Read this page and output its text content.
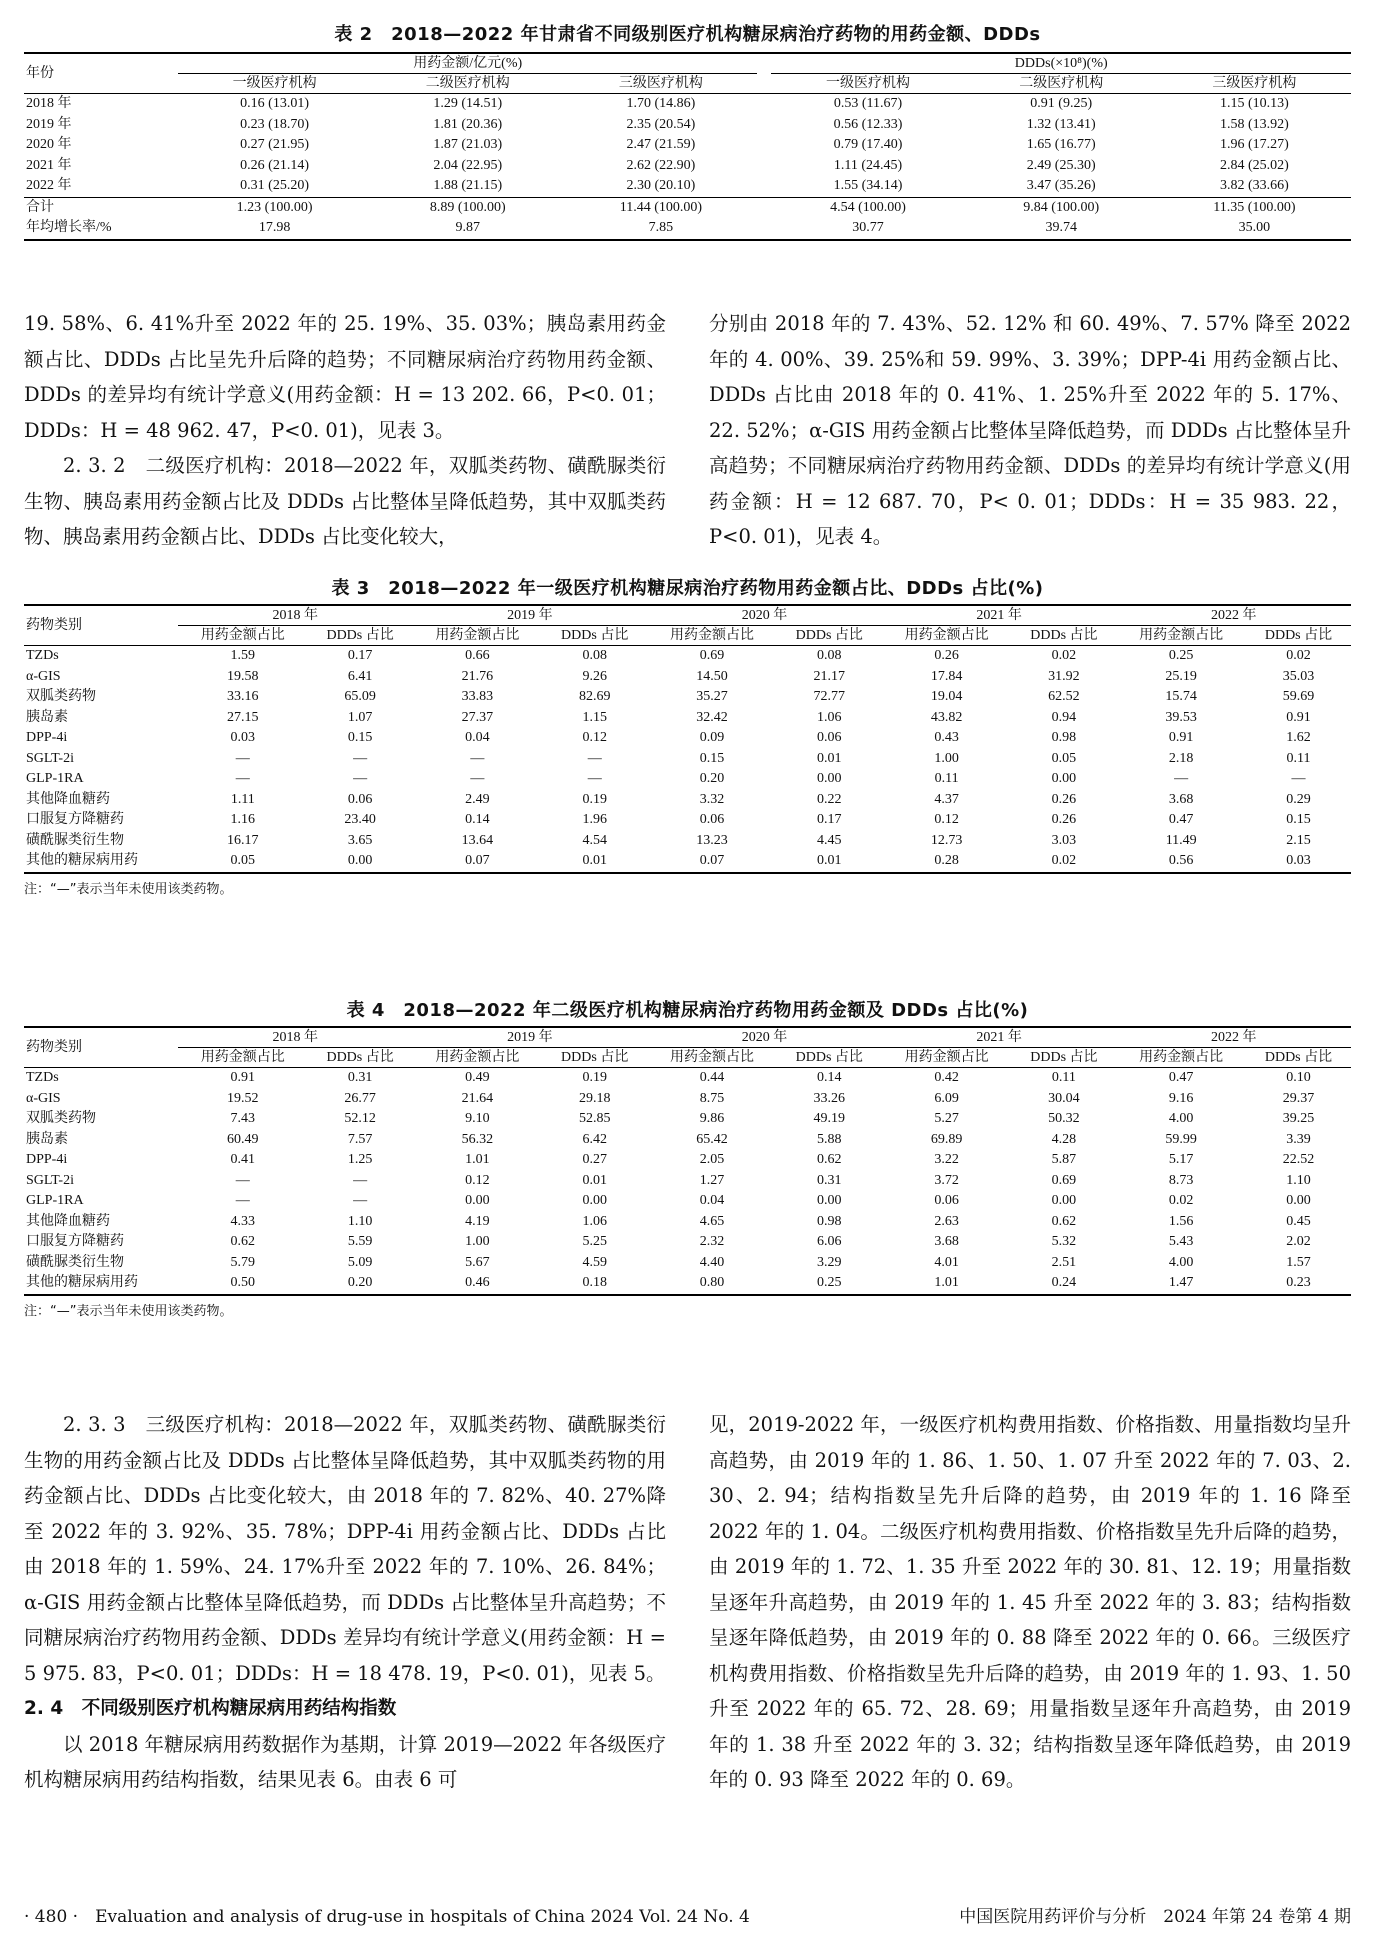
表 2　2018—2022 年甘肃省不同级别医疗机构糖尿病治疗药物的用药金额、DDDs
年份	用药金额/亿元(%)				DDDs(×10⁸)(%)		
	一级医疗机构	二级医疗机构	三级医疗机构		一级医疗机构	二级医疗机构	三级医疗机构
2018 年	0.16 (13.01)	1.29 (14.51)	1.70 (14.86)		0.53 (11.67)	0.91 (9.25)	1.15 (10.13)
2019 年	0.23 (18.70)	1.81 (20.36)	2.35 (20.54)		0.56 (12.33)	1.32 (13.41)	1.58 (13.92)
2020 年	0.27 (21.95)	1.87 (21.03)	2.47 (21.59)		0.79 (17.40)	1.65 (16.77)	1.96 (17.27)
2021 年	0.26 (21.14)	2.04 (22.95)	2.62 (22.90)		1.11 (24.45)	2.49 (25.30)	2.84 (25.02)
2022 年	0.31 (25.20)	1.88 (21.15)	2.30 (20.10)		1.55 (34.14)	3.47 (35.26)	3.82 (33.66)
合计	1.23 (100.00)	8.89 (100.00)	11.44 (100.00)		4.54 (100.00)	9.84 (100.00)	11.35 (100.00)
年均增长率/%	17.98	9.87	7.85		30.77	39.74	35.00

19. 58%、6. 41%升至 2022 年的 25. 19%、35. 03%；胰岛素用药金额占比、DDDs 占比呈先升后降的趋势；不同糖尿病治疗药物用药金额、DDDs 的差异均有统计学意义(用药金额：H = 13 202. 66，P<0. 01；DDDs：H = 48 962. 47，P<0. 01)，见表 3。

2. 3. 2　二级医疗机构：2018—2022 年，双胍类药物、磺酰脲类衍生物、胰岛素用药金额占比及 DDDs 占比整体呈降低趋势，其中双胍类药物、胰岛素用药金额占比、DDDs 占比变化较大，

分别由 2018 年的 7. 43%、52. 12% 和 60. 49%、7. 57% 降至 2022 年的 4. 00%、39. 25%和 59. 99%、3. 39%；DPP-4i 用药金额占比、DDDs 占比由 2018 年的 0. 41%、1. 25%升至 2022 年的 5. 17%、22. 52%；α-GIS 用药金额占比整体呈降低趋势，而 DDDs 占比整体呈升高趋势；不同糖尿病治疗药物用药金额、DDDs 的差异均有统计学意义(用药金额：H = 12 687. 70，P< 0. 01；DDDs：H = 35 983. 22，P<0. 01)，见表 4。

表 3　2018—2022 年一级医疗机构糖尿病治疗药物用药金额占比、DDDs 占比(%)
药物类别	2018 年		2019 年		2020 年		2021 年		2022 年	
	用药金额占比	DDDs 占比	用药金额占比	DDDs 占比	用药金额占比	DDDs 占比	用药金额占比	DDDs 占比	用药金额占比	DDDs 占比
TZDs	1.59	0.17	0.66	0.08	0.69	0.08	0.26	0.02	0.25	0.02
α-GIS	19.58	6.41	21.76	9.26	14.50	21.17	17.84	31.92	25.19	35.03
双胍类药物	33.16	65.09	33.83	82.69	35.27	72.77	19.04	62.52	15.74	59.69
胰岛素	27.15	1.07	27.37	1.15	32.42	1.06	43.82	0.94	39.53	0.91
DPP-4i	0.03	0.15	0.04	0.12	0.09	0.06	0.43	0.98	0.91	1.62
SGLT-2i	—	—	—	—	0.15	0.01	1.00	0.05	2.18	0.11
GLP-1RA	—	—	—	—	0.20	0.00	0.11	0.00	—	—
其他降血糖药	1.11	0.06	2.49	0.19	3.32	0.22	4.37	0.26	3.68	0.29
口服复方降糖药	1.16	23.40	0.14	1.96	0.06	0.17	0.12	0.26	0.47	0.15
磺酰脲类衍生物	16.17	3.65	13.64	4.54	13.23	4.45	12.73	3.03	11.49	2.15
其他的糖尿病用药	0.05	0.00	0.07	0.01	0.07	0.01	0.28	0.02	0.56	0.03
注：“—”表示当年未使用该类药物。
表 4　2018—2022 年二级医疗机构糖尿病治疗药物用药金额及 DDDs 占比(%)
药物类别	2018 年		2019 年		2020 年		2021 年		2022 年	
	用药金额占比	DDDs 占比	用药金额占比	DDDs 占比	用药金额占比	DDDs 占比	用药金额占比	DDDs 占比	用药金额占比	DDDs 占比
TZDs	0.91	0.31	0.49	0.19	0.44	0.14	0.42	0.11	0.47	0.10
α-GIS	19.52	26.77	21.64	29.18	8.75	33.26	6.09	30.04	9.16	29.37
双胍类药物	7.43	52.12	9.10	52.85	9.86	49.19	5.27	50.32	4.00	39.25
胰岛素	60.49	7.57	56.32	6.42	65.42	5.88	69.89	4.28	59.99	3.39
DPP-4i	0.41	1.25	1.01	0.27	2.05	0.62	3.22	5.87	5.17	22.52
SGLT-2i	—	—	0.12	0.01	1.27	0.31	3.72	0.69	8.73	1.10
GLP-1RA	—	—	0.00	0.00	0.04	0.00	0.06	0.00	0.02	0.00
其他降血糖药	4.33	1.10	4.19	1.06	4.65	0.98	2.63	0.62	1.56	0.45
口服复方降糖药	0.62	5.59	1.00	5.25	2.32	6.06	3.68	5.32	5.43	2.02
磺酰脲类衍生物	5.79	5.09	5.67	4.59	4.40	3.29	4.01	2.51	4.00	1.57
其他的糖尿病用药	0.50	0.20	0.46	0.18	0.80	0.25	1.01	0.24	1.47	0.23
注：“—”表示当年未使用该类药物。

2. 3. 3　三级医疗机构：2018—2022 年，双胍类药物、磺酰脲类衍生物的用药金额占比及 DDDs 占比整体呈降低趋势，其中双胍类药物的用药金额占比、DDDs 占比变化较大，由 2018 年的 7. 82%、40. 27%降至 2022 年的 3. 92%、35. 78%；DPP-4i 用药金额占比、DDDs 占比由 2018 年的 1. 59%、24. 17%升至 2022 年的 7. 10%、26. 84%；α-GIS 用药金额占比整体呈降低趋势，而 DDDs 占比整体呈升高趋势；不同糖尿病治疗药物用药金额、DDDs 差异均有统计学意义(用药金额：H = 5 975. 83，P<0. 01；DDDs：H = 18 478. 19，P<0. 01)，见表 5。

2. 4　不同级别医疗机构糖尿病用药结构指数

以 2018 年糖尿病用药数据作为基期，计算 2019—2022 年各级医疗机构糖尿病用药结构指数，结果见表 6。由表 6 可

见，2019-2022 年，一级医疗机构费用指数、价格指数、用量指数均呈升高趋势，由 2019 年的 1. 86、1. 50、1. 07 升至 2022 年的 7. 03、2. 30、2. 94；结构指数呈先升后降的趋势，由 2019 年的 1. 16 降至 2022 年的 1. 04。二级医疗机构费用指数、价格指数呈先升后降的趋势，由 2019 年的 1. 72、1. 35 升至 2022 年的 30. 81、12. 19；用量指数呈逐年升高趋势，由 2019 年的 1. 45 升至 2022 年的 3. 83；结构指数呈逐年降低趋势，由 2019 年的 0. 88 降至 2022 年的 0. 66。三级医疗机构费用指数、价格指数呈先升后降的趋势，由 2019 年的 1. 93、1. 50 升至 2022 年的 65. 72、28. 69；用量指数呈逐年升高趋势，由 2019 年的 1. 38 升至 2022 年的 3. 32；结构指数呈逐年降低趋势，由 2019 年的 0. 93 降至 2022 年的 0. 69。

· 480 ·　Evaluation and analysis of drug-use in hospitals of China 2024 Vol. 24 No. 4	中国医院用药评价与分析　2024 年第 24 卷第 4 期
